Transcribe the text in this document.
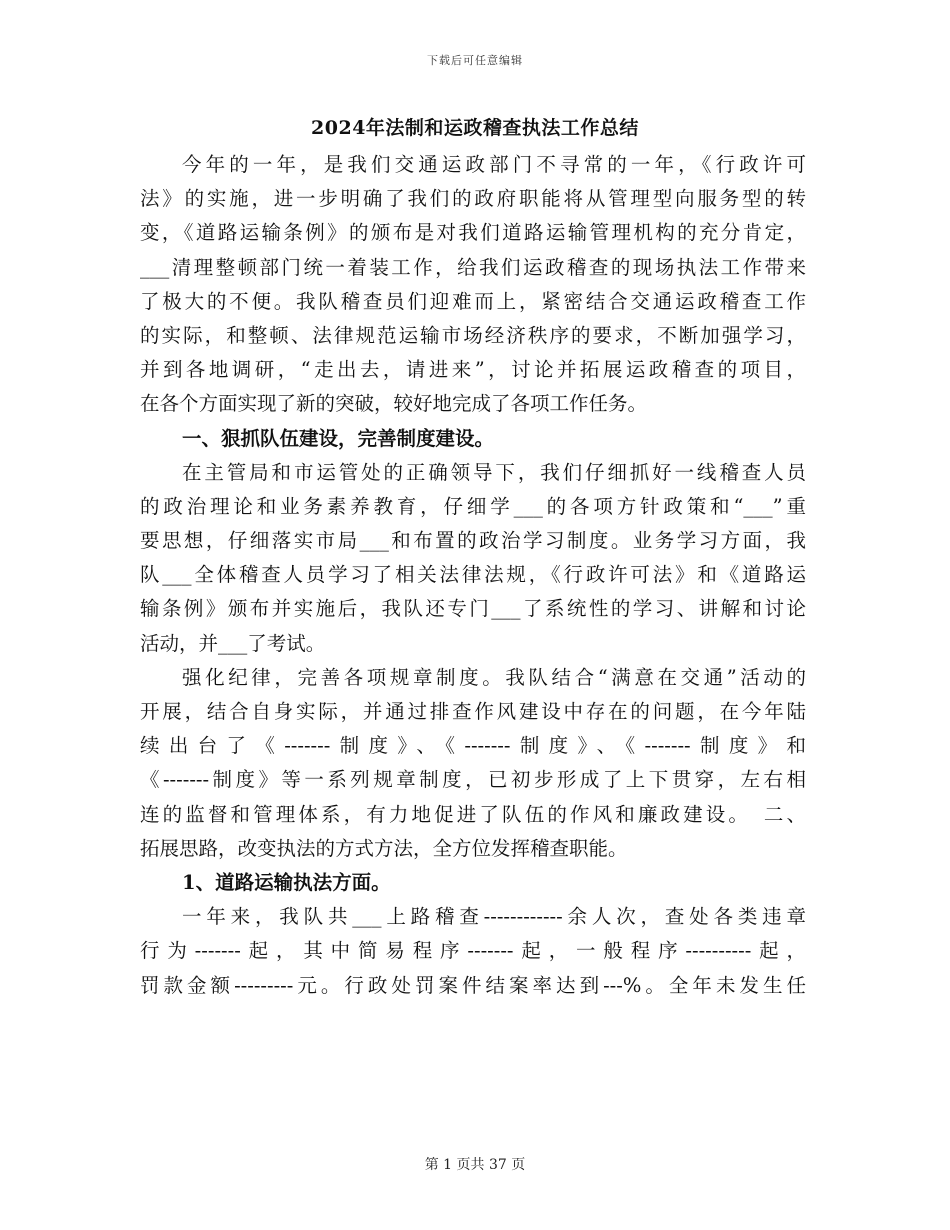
下载后可任意编辑
2024年法制和运政稽查执法工作总结
今年的一年，是我们交通运政部门不寻常的一年，《行政许可
法》的实施，进一步明确了我们的政府职能将从管理型向服务型的转
变，《道路运输条例》的颁布是对我们道路运输管理机构的充分肯定，
___清理整顿部门统一着装工作，给我们运政稽查的现场执法工作带来
了极大的不便。我队稽查员们迎难而上，紧密结合交通运政稽查工作
的实际，和整顿、法律规范运输市场经济秩序的要求，不断加强学习，
并到各地调研，“走出去，请进来”，讨论并拓展运政稽查的项目，
在各个方面实现了新的突破，较好地完成了各项工作任务。
一、狠抓队伍建设，完善制度建设。
在主管局和市运管处的正确领导下，我们仔细抓好一线稽查人员
的政治理论和业务素养教育，仔细学___的各项方针政策和“___”重
要思想，仔细落实市局___和布置的政治学习制度。业务学习方面，我
队___全体稽查人员学习了相关法律法规，《行政许可法》和《道路运
输条例》颁布并实施后，我队还专门___了系统性的学习、讲解和讨论
活动，并___了考试。
强化纪律，完善各项规章制度。我队结合“满意在交通”活动的
开展，结合自身实际，并通过排查作风建设中存在的问题，在今年陆
续出台了《-------制度》、《-------制度》、《-------制度》和
《-------制度》等一系列规章制度，已初步形成了上下贯穿，左右相
连的监督和管理体系，有力地促进了队伍的作风和廉政建设。　二、
拓展思路，改变执法的方式方法，全方位发挥稽查职能。
1、道路运输执法方面。
一年来，我队共___上路稽查------------余人次，查处各类违章
行为-------起，其中简易程序-------起，一般程序----------起，
罚款金额---------元。行政处罚案件结案率达到---%。全年未发生任
第 1 页共 37 页
